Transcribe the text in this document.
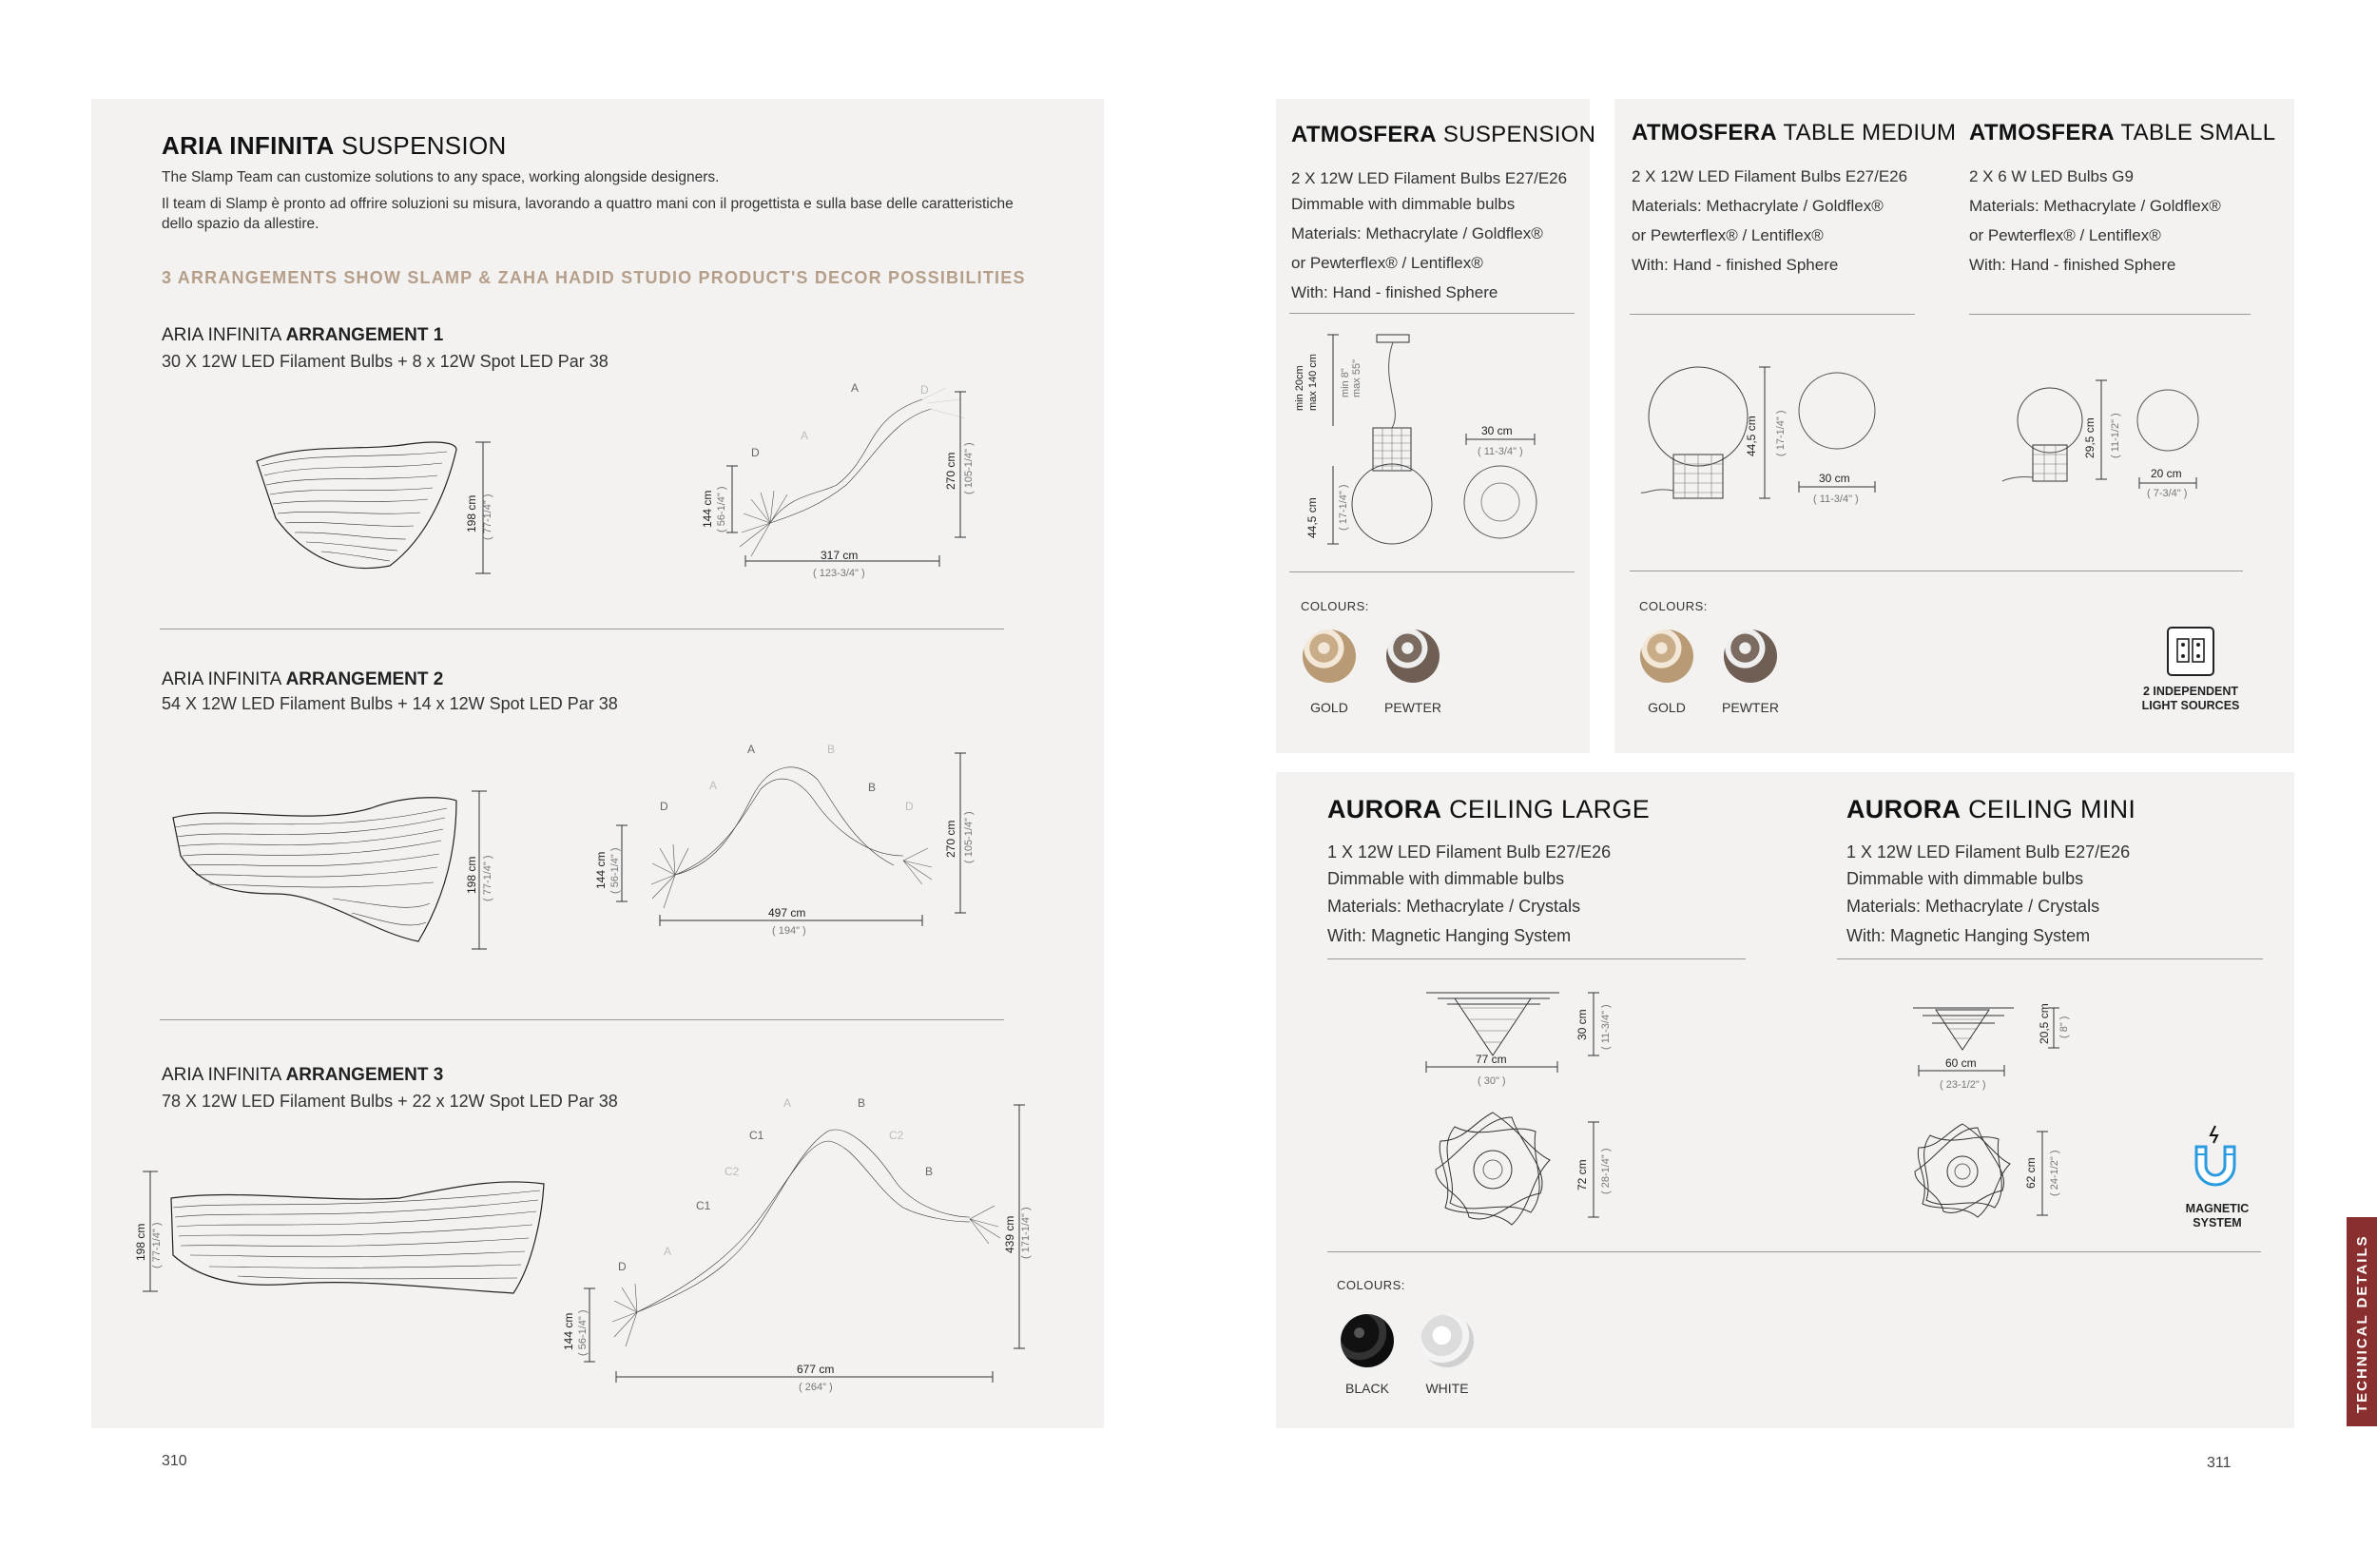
ARIA INFINITA SUSPENSION
The Slamp Team can customize solutions to any space, working alongside designers.
Il team di Slamp è pronto ad offrire soluzioni su misura, lavorando a quattro mani con il progettista e sulla base delle caratteristiche dello spazio da allestire.
3 ARRANGEMENTS SHOW SLAMP & ZAHA HADID STUDIO PRODUCT'S DECOR POSSIBILITIES
ARIA INFINITA ARRANGEMENT 1
30 X 12W LED Filament Bulbs + 8 x 12W Spot LED Par 38
198 cm ( 77-1/4" )
A	D
A
D
144 cm ( 56-1/4" )
270 cm ( 105-1/4" )
317 cm
( 123-3/4" )
ARIA INFINITA ARRANGEMENT 2
54 X 12W LED Filament Bulbs + 14 x 12W Spot LED Par 38
198 cm ( 77-1/4" )
A	B
A	B
D	D
144 cm ( 56-1/4" )
270 cm ( 105-1/4" )
497 cm
( 194" )
ARIA INFINITA ARRANGEMENT 3
78 X 12W LED Filament Bulbs + 22 x 12W Spot LED Par 38
198 cm ( 77-1/4" )
A	B
C1	C2
C2	B
C1
A
D
144 cm ( 56-1/4" )
439 cm ( 171-1/4" )
677 cm
( 264" )
310
ATMOSFERA SUSPENSION
2 X 12W LED Filament Bulbs E27/E26
Dimmable with dimmable bulbs
Materials: Methacrylate / Goldflex®
or Pewterflex® / Lentiflex®
With: Hand - finished Sphere
min 20cm max 140 cm min 8" max 55"
44,5 cm ( 17-1/4" )
30 cm
( 11-3/4" )
COLOURS:
GOLD	PEWTER
ATMOSFERA TABLE MEDIUM
2 X 12W LED Filament Bulbs E27/E26
Materials: Methacrylate / Goldflex®
or Pewterflex® / Lentiflex®
With: Hand - finished Sphere
ATMOSFERA TABLE SMALL
2 X 6 W LED Bulbs G9
Materials: Methacrylate / Goldflex®
or Pewterflex® / Lentiflex®
With: Hand - finished Sphere
44,5 cm ( 17-1/4" )
30 cm
( 11-3/4" )
29,5 cm ( 11-1/2" )
20 cm
( 7-3/4" )
COLOURS:
GOLD	PEWTER
2 INDEPENDENT
LIGHT SOURCES
AURORA CEILING LARGE
1 X 12W LED Filament Bulb E27/E26
Dimmable with dimmable bulbs
Materials: Methacrylate / Crystals
With: Magnetic Hanging System
AURORA CEILING MINI
1 X 12W LED Filament Bulb E27/E26
Dimmable with dimmable bulbs
Materials: Methacrylate / Crystals
With: Magnetic Hanging System
77 cm
( 30" )
30 cm ( 11-3/4" )
72 cm ( 28-1/4" )
60 cm
( 23-1/2" )
20,5 cm ( 8" )
62 cm ( 24-1/2" )
MAGNETIC
SYSTEM
COLOURS:
BLACK	WHITE
311
TECHNICAL DETAILS
